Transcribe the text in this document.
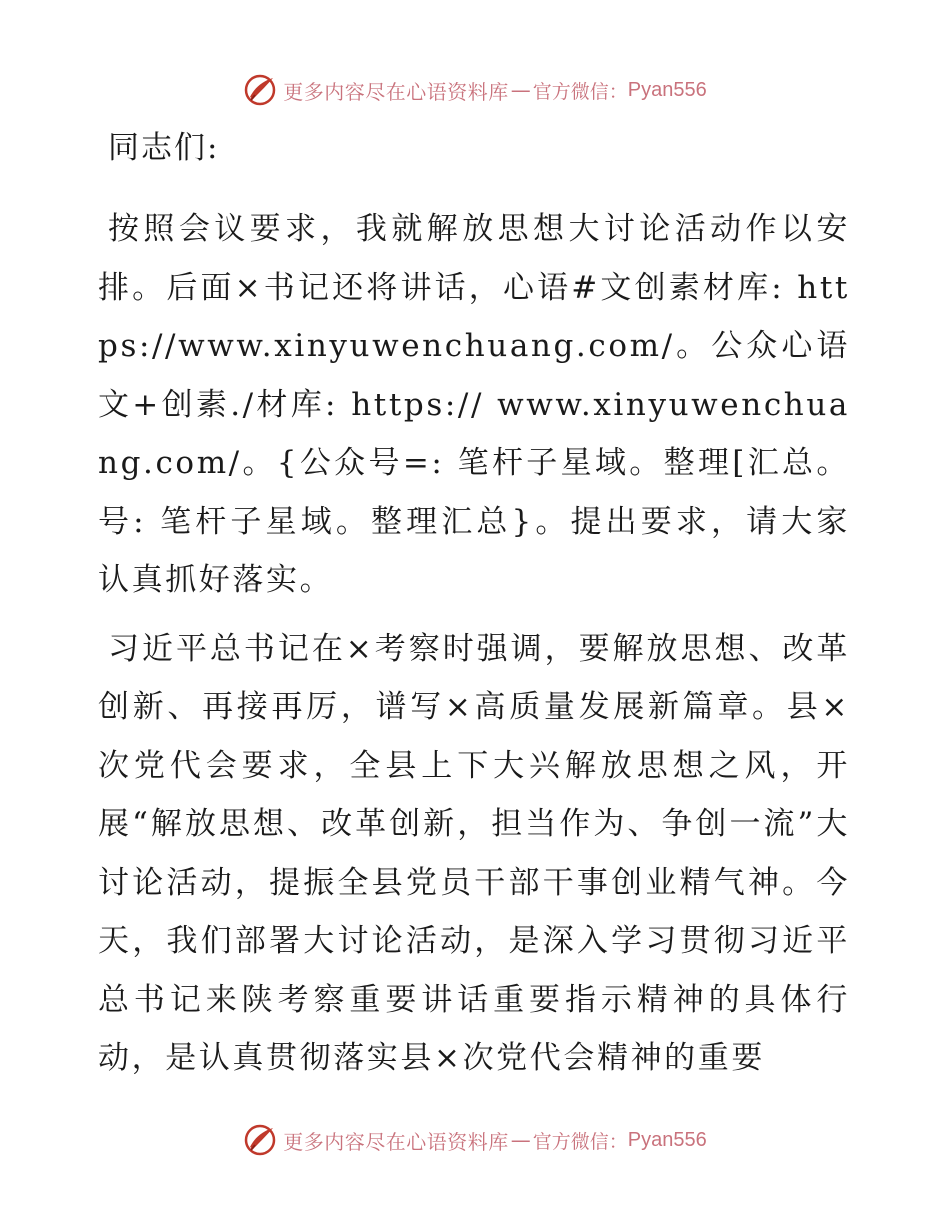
更多内容尽在心语资料库 — 官方微信： Pyan556
同志们:

按照会议要求，我就解放思想大讨论活动作以安排。后面×书记还将讲话，心语#文创素材库: https://www.xinyuwenchuang.com/。公众心语文+创素./材库: https:// www.xinyuwenchuang.com/。{公众号=: 笔杆子星域。整理[汇总。号: 笔杆子星域。整理汇总}。提出要求，请大家认真抓好落实。

习近平总书记在×考察时强调，要解放思想、改革创新、再接再厉，谱写×高质量发展新篇章。县×次党代会要求，全县上下大兴解放思想之风，开展“解放思想、改革创新，担当作为、争创一流”大讨论活动，提振全县党员干部干事创业精气神。今天，我们部署大讨论活动，是深入学习贯彻习近平总书记来陕考察重要讲话重要指示精神的具体行动，是认真贯彻落实县×次党代会精神的重要

更多内容尽在心语资料库 — 官方微信： Pyan556
